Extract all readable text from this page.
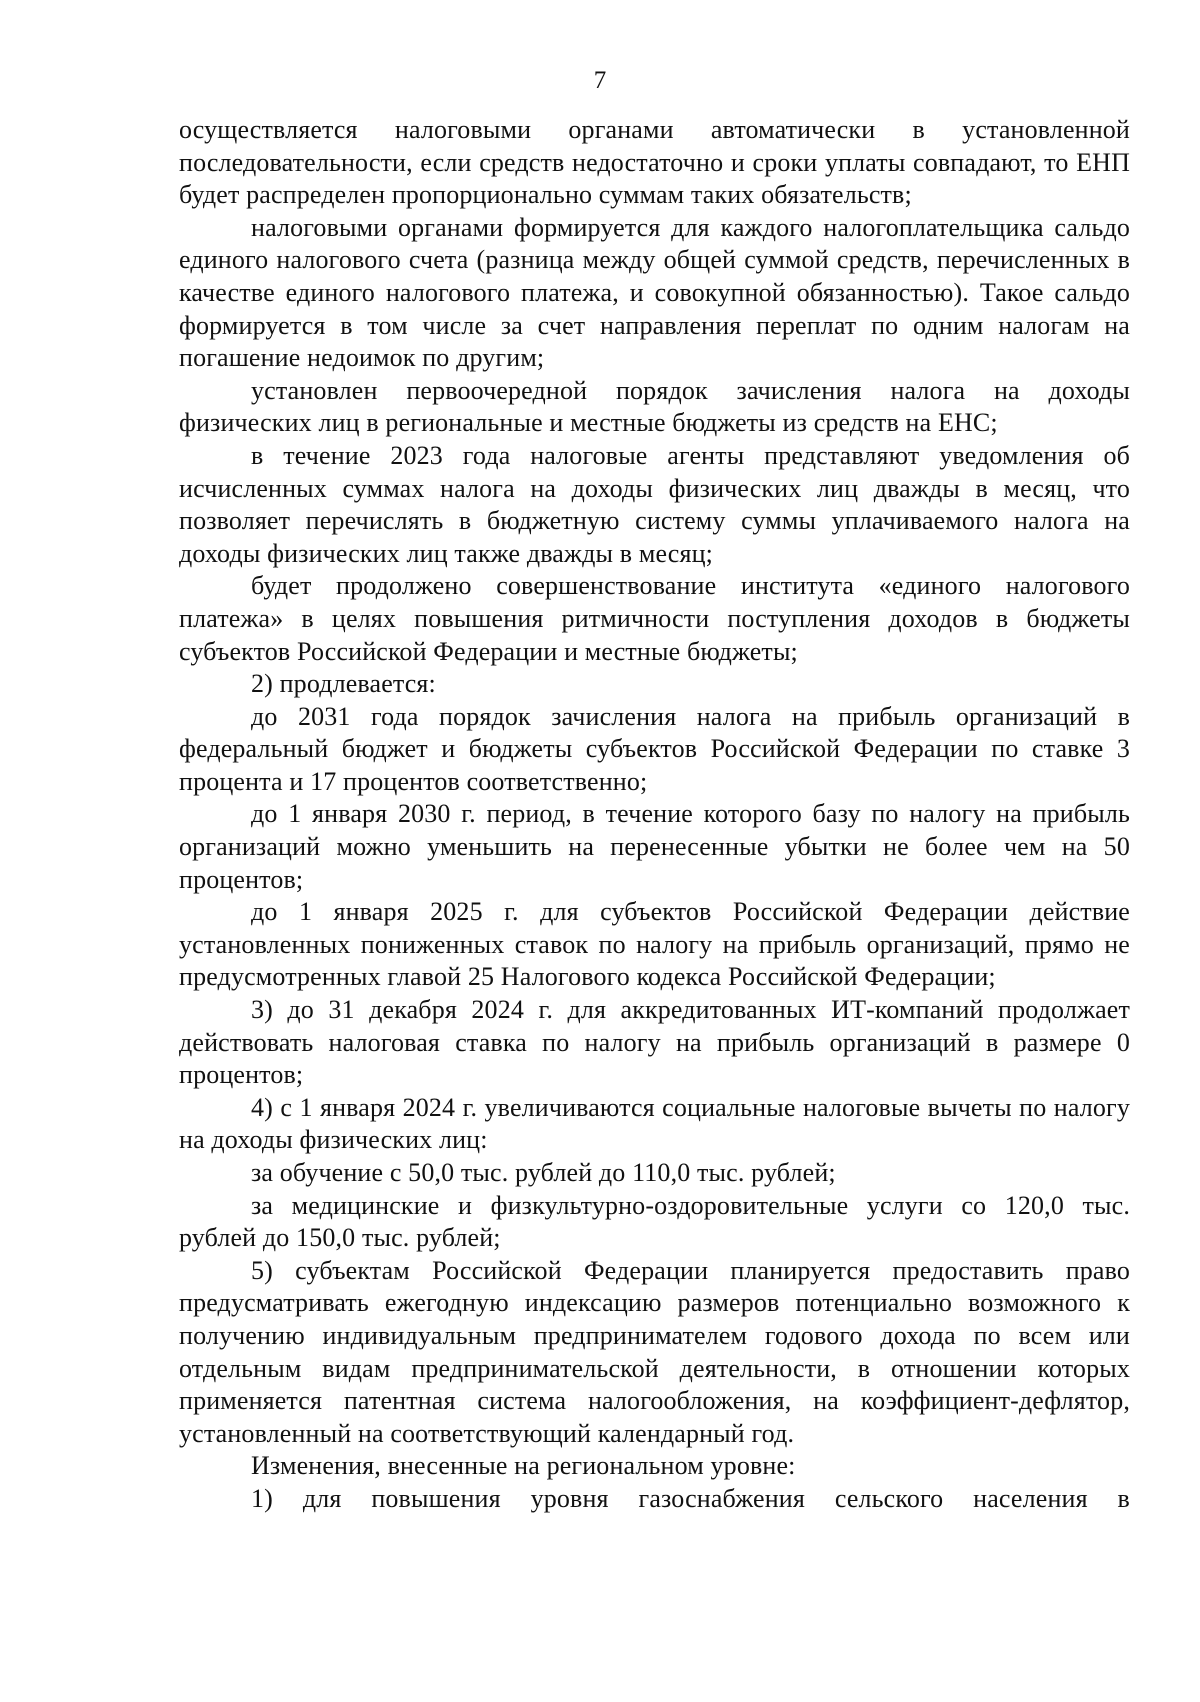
7

осуществляется налоговыми органами автоматически в установленной последовательности, если средств недостаточно и сроки уплаты совпадают, то ЕНП будет распределен пропорционально суммам таких обязательств;

налоговыми органами формируется для каждого налогоплательщика сальдо единого налогового счета (разница между общей суммой средств, перечисленных в качестве единого налогового платежа, и совокупной обязанностью). Такое сальдо формируется в том числе за счет направления переплат по одним налогам на погашение недоимок по другим;

установлен первоочередной порядок зачисления налога на доходы физических лиц в региональные и местные бюджеты из средств на ЕНС;

в течение 2023 года налоговые агенты представляют уведомления об исчисленных суммах налога на доходы физических лиц дважды в месяц, что позволяет перечислять в бюджетную систему суммы уплачиваемого налога на доходы физических лиц также дважды в месяц;

будет продолжено совершенствование института «единого налогового платежа» в целях повышения ритмичности поступления доходов в бюджеты субъектов Российской Федерации и местные бюджеты;

2) продлевается:

до 2031 года порядок зачисления налога на прибыль организаций в федеральный бюджет и бюджеты субъектов Российской Федерации по ставке 3 процента и 17 процентов соответственно;

до 1 января 2030 г. период, в течение которого базу по налогу на прибыль организаций можно уменьшить на перенесенные убытки не более чем на 50 процентов;

до 1 января 2025 г. для субъектов Российской Федерации действие установленных пониженных ставок по налогу на прибыль организаций, прямо не предусмотренных главой 25 Налогового кодекса Российской Федерации;

3) до 31 декабря 2024 г. для аккредитованных ИТ-компаний продолжает действовать налоговая ставка по налогу на прибыль организаций в размере 0 процентов;

4) с 1 января 2024 г. увеличиваются социальные налоговые вычеты по налогу на доходы физических лиц:

за обучение с 50,0 тыс. рублей до 110,0 тыс. рублей;

за медицинские и физкультурно-оздоровительные услуги со 120,0 тыс. рублей до 150,0 тыс. рублей;

5) субъектам Российской Федерации планируется предоставить право предусматривать ежегодную индексацию размеров потенциально возможного к получению индивидуальным предпринимателем годового дохода по всем или отдельным видам предпринимательской деятельности, в отношении которых применяется патентная система налогообложения, на коэффициент-дефлятор, установленный на соответствующий календарный год.

Изменения, внесенные на региональном уровне:

1) для повышения уровня газоснабжения сельского населения в
